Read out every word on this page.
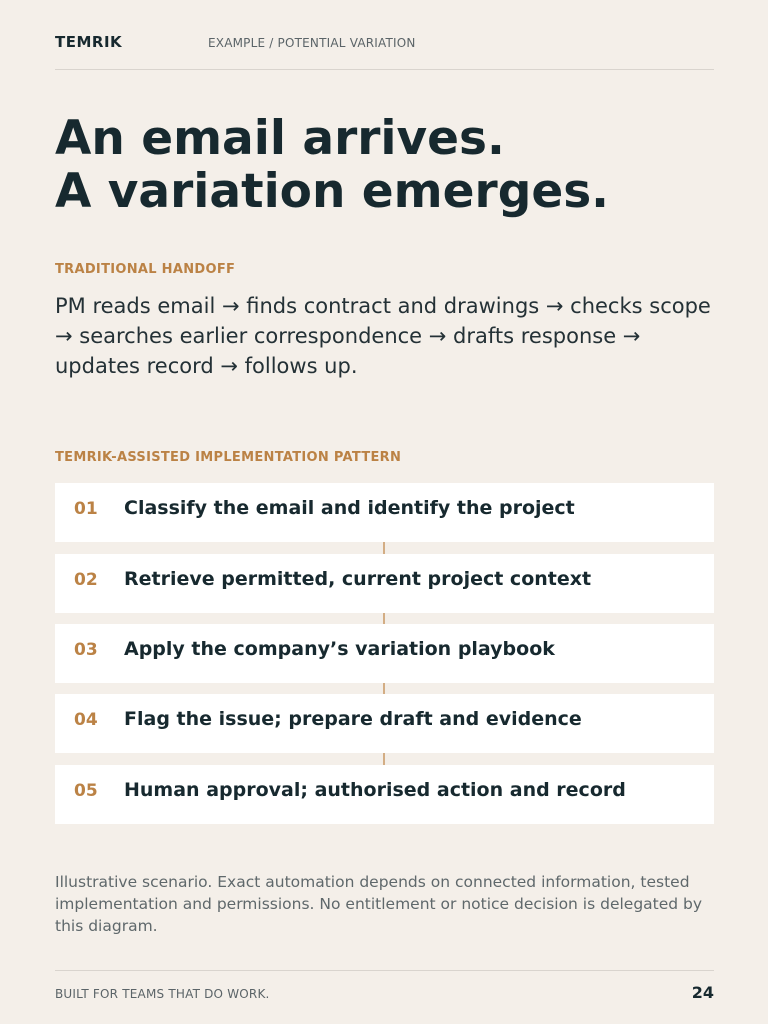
TEMRIK	EXAMPLE / POTENTIAL VARIATION
An email arrives.
A variation emerges.
TRADITIONAL HANDOFF

PM reads email → finds contract and drawings → checks scope → searches earlier correspondence → drafts response → updates record → follows up.

TEMRIK-ASSISTED IMPLEMENTATION PATTERN
01 Classify the email and identify the project
02 Retrieve permitted, current project context
03 Apply the company’s variation playbook
04 Flag the issue; prepare draft and evidence
05 Human approval; authorised action and record

Illustrative scenario. Exact automation depends on connected information, tested implementation and permissions. No entitlement or notice decision is delegated by this diagram.

BUILT FOR TEAMS THAT DO WORK.	24
